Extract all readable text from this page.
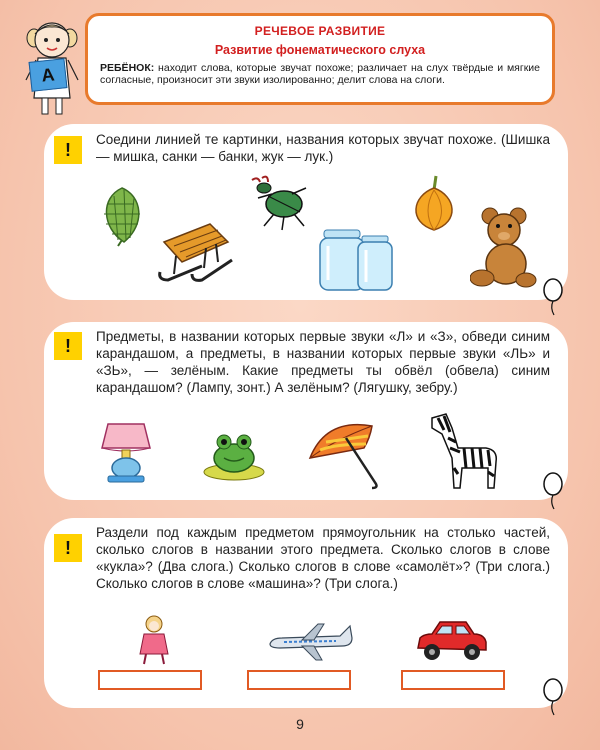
А
РЕЧЕВОЕ РАЗВИТИЕ
Развитие фонематического слуха
РЕБЁНОК: находит слова, которые звучат похоже; различает на слух твёрдые и мягкие согласные, произносит эти звуки изолированно; делит слова на слоги.
!
Соедини линией те картинки, названия которых звучат похоже. (Шишка — мишка, санки — банки, жук — лук.)
!	Предметы, в названии которых первые звуки «Л» и «З», обведи синим карандашом, а предметы, в названии которых первые звуки «ЛЬ» и «ЗЬ», — зелёным. Какие предметы ты обвёл (обвела) синим карандашом? (Лампу, зонт.) А зелёным? (Лягушку, зебру.)
!
Раздели под каждым предметом прямоугольник на столько частей, сколько слогов в названии этого предмета. Сколько слогов в слове «кукла»? (Два слога.) Сколько слогов в слове «самолёт»? (Три слога.) Сколько слогов в слове «машина»? (Три слога.)
9
